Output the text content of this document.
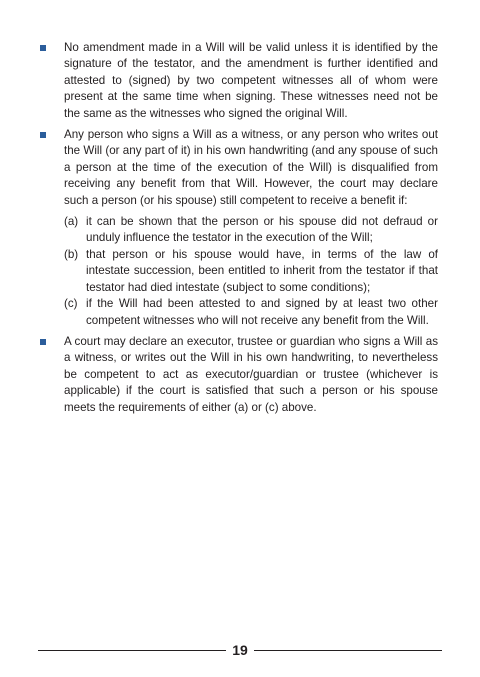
No amendment made in a Will will be valid unless it is identified by the signature of the testator, and the amendment is further identified and attested to (signed) by two competent witnesses all of whom were present at the same time when signing. These witnesses need not be the same as the witnesses who signed the original Will.
Any person who signs a Will as a witness, or any person who writes out the Will (or any part of it) in his own handwriting (and any spouse of such a person at the time of the execution of the Will) is disqualified from receiving any benefit from that Will. However, the court may declare such a person (or his spouse) still competent to receive a benefit if:
(a) it can be shown that the person or his spouse did not defraud or unduly influence the testator in the execution of the Will;
(b) that person or his spouse would have, in terms of the law of intestate succession, been entitled to inherit from the testator if that testator had died intestate (subject to some conditions);
(c) if the Will had been attested to and signed by at least two other competent witnesses who will not receive any benefit from the Will.
A court may declare an executor, trustee or guardian who signs a Will as a witness, or writes out the Will in his own handwriting, to nevertheless be competent to act as executor/guardian or trustee (whichever is applicable) if the court is satisfied that such a person or his spouse meets the requirements of either (a) or (c) above.
19
